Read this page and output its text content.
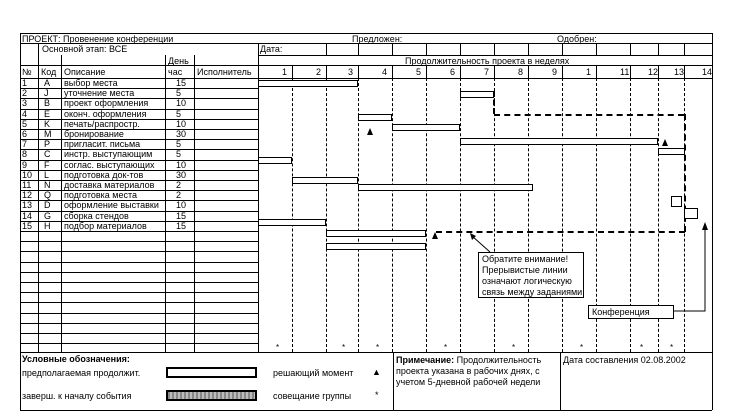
ПРОЕКТ: Провенение конференции	Предложен:	Одобрен:
Основной этап: ВСЕ	Дата:
Продолжительность проекта в неделях
День
№ Код Описание	час Исполнитель
1 A выбор места	15
2 J уточнение места	5
3 B проект оформления	10
4 E оконч. оформления	5
5 K печать/распростр.	10
6 M бронирование	30
7 P пригласит. письма	5
8 C инстр. выступающим	5
9 F соглас. выступающих 10
10 L подготовка док-тов	30
11 N доставка материалов 2
12 Q подготовка места	2
13 D оформление выставки 10
14 G сборка стендов	15
15 H подбор материалов	15
1	2	3	4	5	6	7	8	9	1	11 12 13 14
Обратите внимание!
Прерывистые линии
означают логическую
связь между заданиями
Конференция
*	*	*	*	*	*	*	*
Условные обозначения:
предполагаемая продолжит.
заверш. к началу события
решающий момент ▲
совещание группы	*
Примечание: Продолжительность
проекта указана в рабочих днях, с
учетом 5-дневной рабочей недели
Дата составления 02.08.2002
